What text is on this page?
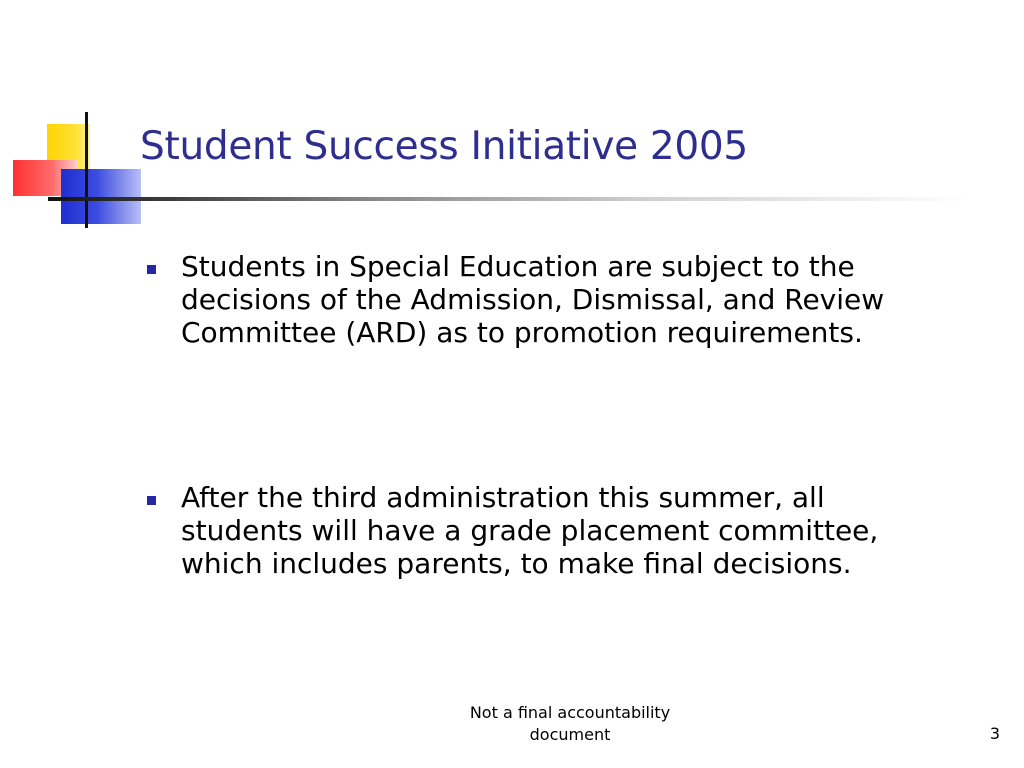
Student Success Initiative 2005
Students in Special Education are subject to the decisions of the Admission, Dismissal, and Review Committee (ARD) as to promotion requirements.
After the third administration this summer, all students will have a grade placement committee, which includes parents, to make final decisions.
Not a final accountability document	3
